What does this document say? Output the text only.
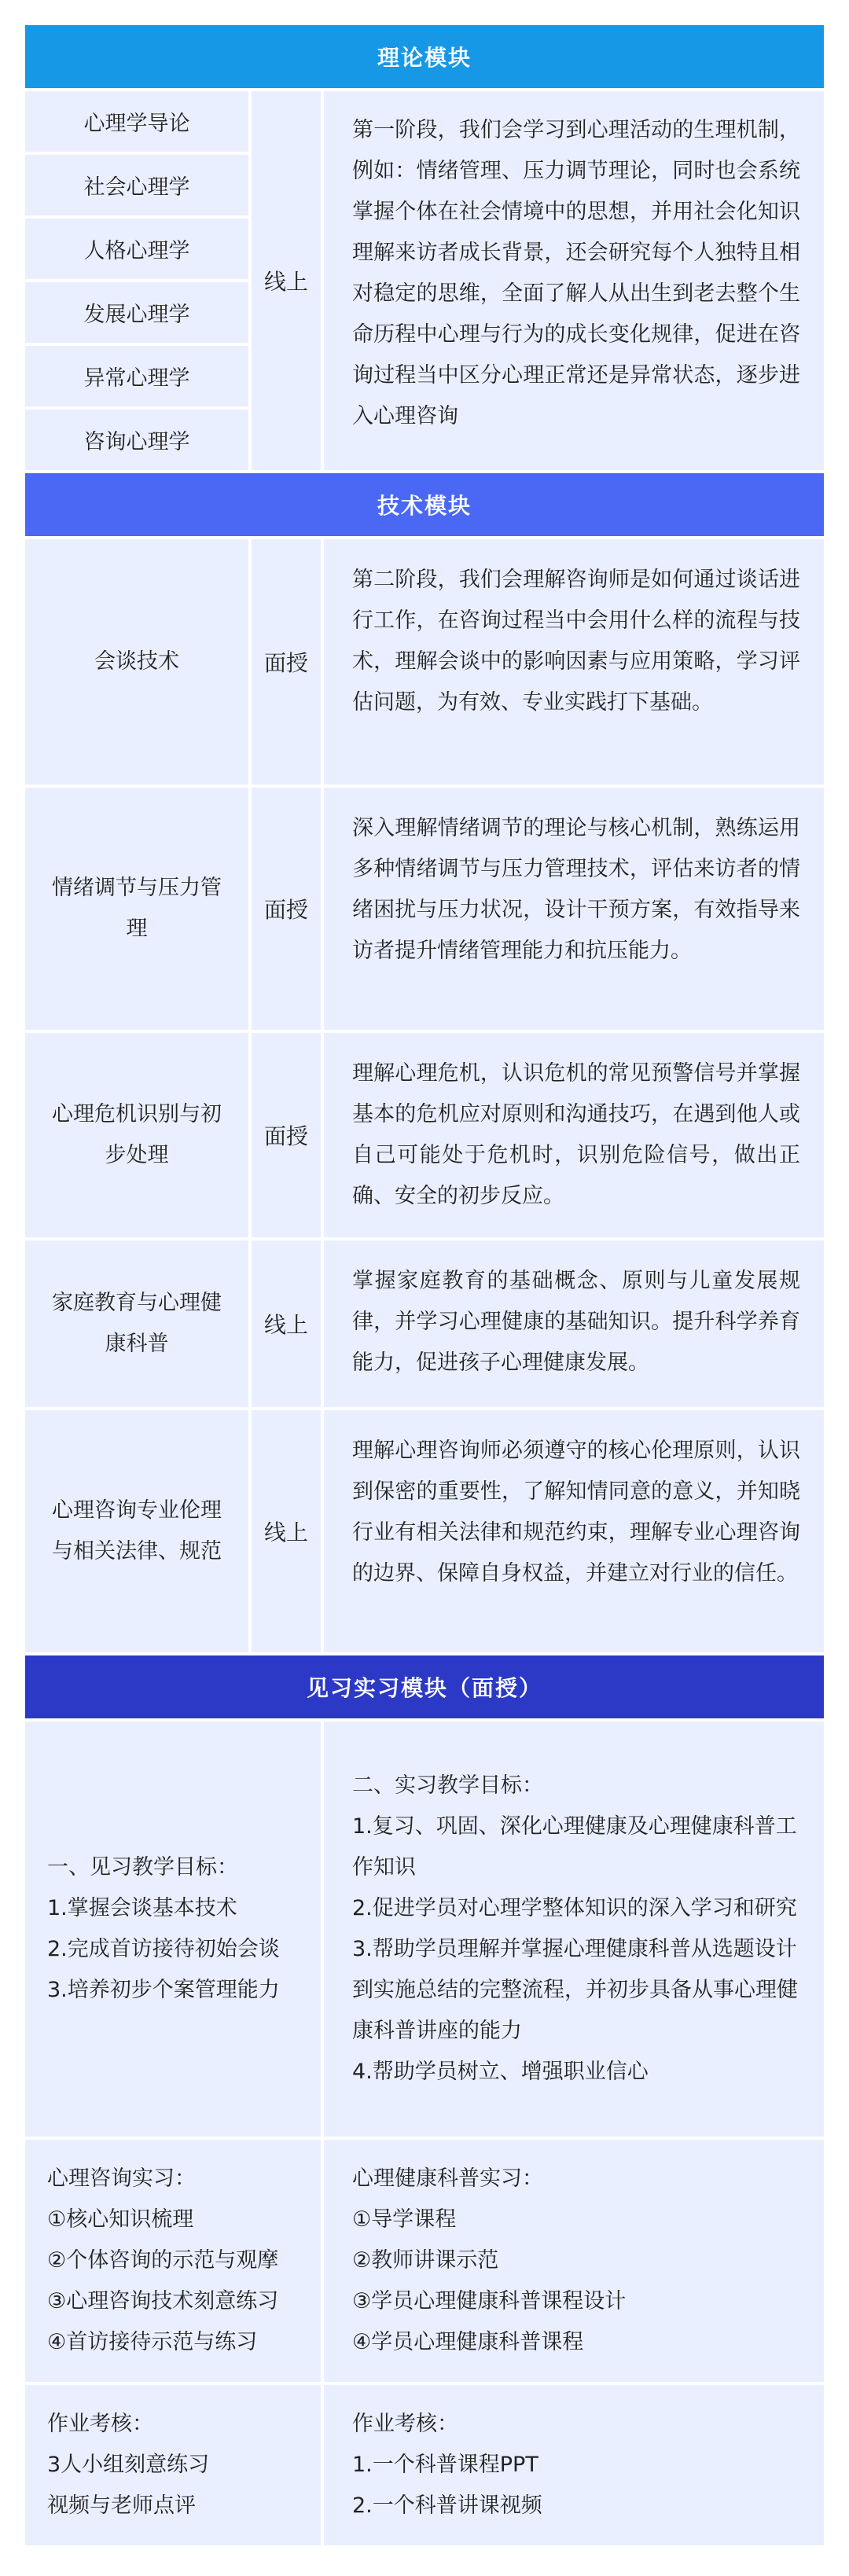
理论模块
心理学导论
社会心理学
人格心理学
发展心理学
异常心理学
咨询心理学
线上
第一阶段，我们会学习到心理活动的生理机制，例如：情绪管理、压力调节理论，同时也会系统掌握个体在社会情境中的思想，并用社会化知识理解来访者成长背景，还会研究每个人独特且相对稳定的思维，全面了解人从出生到老去整个生命历程中心理与行为的成长变化规律，促进在咨询过程当中区分心理正常还是异常状态，逐步进入心理咨询
技术模块
会谈技术	面授
第二阶段，我们会理解咨询师是如何通过谈话进行工作，在咨询过程当中会用什么样的流程与技术，理解会谈中的影响因素与应用策略，学习评估问题，为有效、专业实践打下基础。
情绪调节与压力管理
面授
深入理解情绪调节的理论与核心机制，熟练运用多种情绪调节与压力管理技术，评估来访者的情绪困扰与压力状况，设计干预方案，有效指导来访者提升情绪管理能力和抗压能力。
心理危机识别与初步处理
面授
理解心理危机，认识危机的常见预警信号并掌握基本的危机应对原则和沟通技巧，在遇到他人或自己可能处于危机时，识别危险信号，做出正确、安全的初步反应。
家庭教育与心理健康科普
线上
掌握家庭教育的基础概念、原则与儿童发展规律，并学习心理健康的基础知识。提升科学养育能力，促进孩子心理健康发展。
心理咨询专业伦理与相关法律、规范
线上
理解心理咨询师必须遵守的核心伦理原则，认识到保密的重要性，了解知情同意的意义，并知晓行业有相关法律和规范约束，理解专业心理咨询的边界、保障自身权益，并建立对行业的信任。
见习实习模块（面授）
一、见习教学目标：
1.掌握会谈基本技术
2.完成首访接待初始会谈
3.培养初步个案管理能力
二、实习教学目标：
1.复习、巩固、深化心理健康及心理健康科普工作知识
2.促进学员对心理学整体知识的深入学习和研究
3.帮助学员理解并掌握心理健康科普从选题设计到实施总结的完整流程，并初步具备从事心理健康科普讲座的能力
4.帮助学员树立、增强职业信心
心理咨询实习：
①核心知识梳理
②个体咨询的示范与观摩
③心理咨询技术刻意练习
④首访接待示范与练习
心理健康科普实习：
①导学课程
②教师讲课示范
③学员心理健康科普课程设计
④学员心理健康科普课程
作业考核：
3人小组刻意练习
视频与老师点评
作业考核：
1.一个科普课程PPT
2.一个科普讲课视频
